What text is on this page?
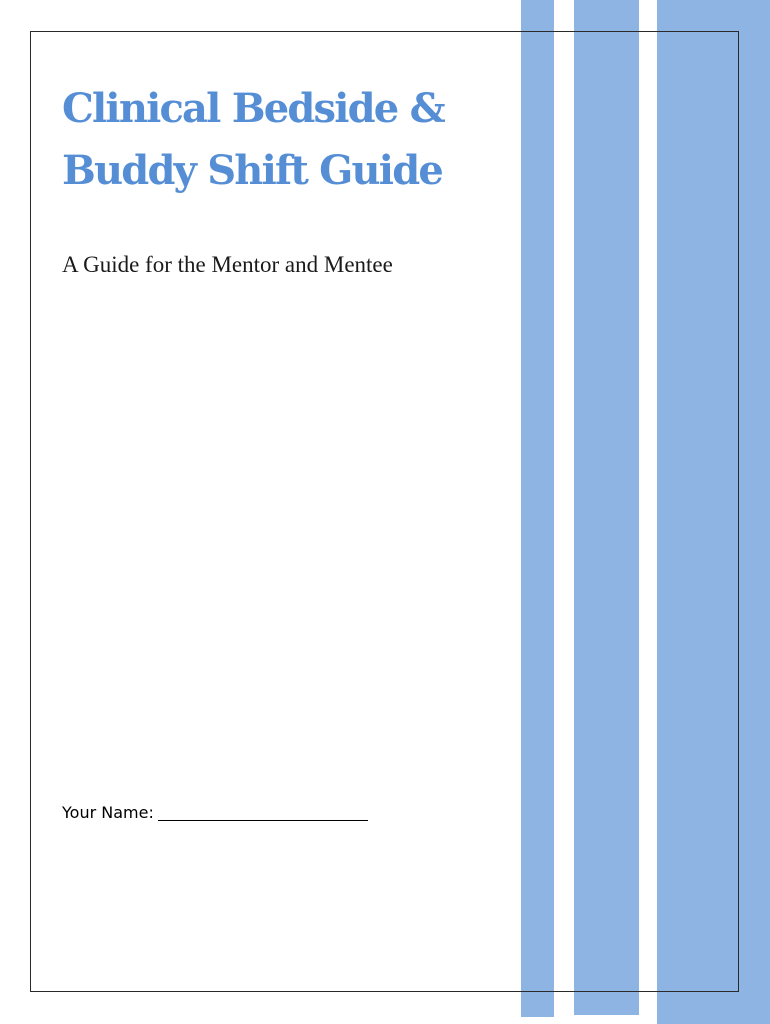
Clinical Bedside &
Buddy Shift Guide

A Guide for the Mentor and Mentee

Your Name:
